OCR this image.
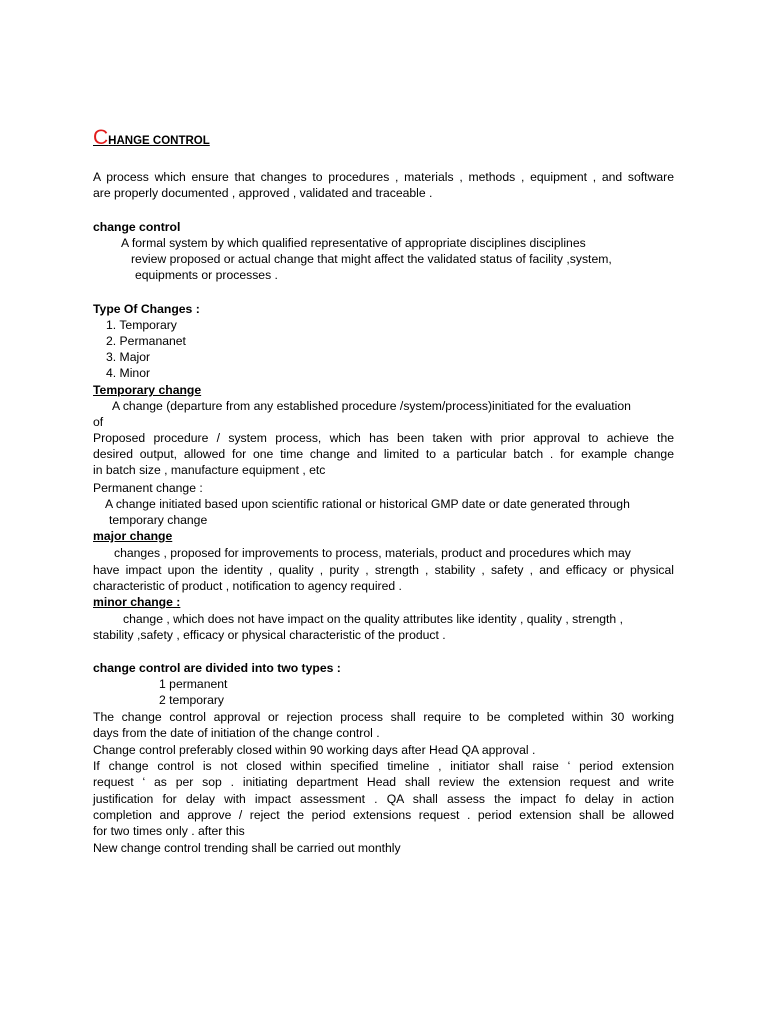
CHANGE CONTROL
A process which ensure that changes to procedures , materials , methods , equipment , and software
are properly documented , approved , validated and traceable .
change control
A formal system by which qualified representative of appropriate disciplines disciplines
review proposed or actual change that might affect the validated status of facility ,system,
equipments or processes .
Type Of Changes :
1. Temporary
2. Permananet
3. Major
4. Minor
Temporary change
A change (departure from any established procedure /system/process)initiated for the evaluation
of
Proposed procedure / system process, which has been taken with prior approval to achieve the
desired output, allowed for one time change and limited to a particular batch . for example change
in batch size , manufacture equipment , etc
Permanent change :
A change initiated based upon scientific rational or historical GMP date or date generated through
temporary change
major change
changes , proposed for improvements to process, materials, product and procedures which may
have impact upon the identity , quality , purity , strength , stability , safety , and efficacy or physical
characteristic of product , notification to agency required .
minor change :
change , which does not have impact on the quality attributes like identity , quality , strength ,
stability ,safety , efficacy or physical characteristic of the product .
change control are divided into two types :
1 permanent
2 temporary
The change control approval or rejection process shall require to be completed within 30 working
days from the date of initiation of the change control .
Change control preferably closed within 90 working days after Head QA approval .
If change control is not closed within specified timeline , initiator shall raise ‘ period extension
request ‘ as per sop . initiating department Head shall review the extension request and write
justification for delay with impact assessment . QA shall assess the impact fo delay in action
completion and approve / reject the period extensions request . period extension shall be allowed
for two times only . after this
New change control trending shall be carried out monthly
